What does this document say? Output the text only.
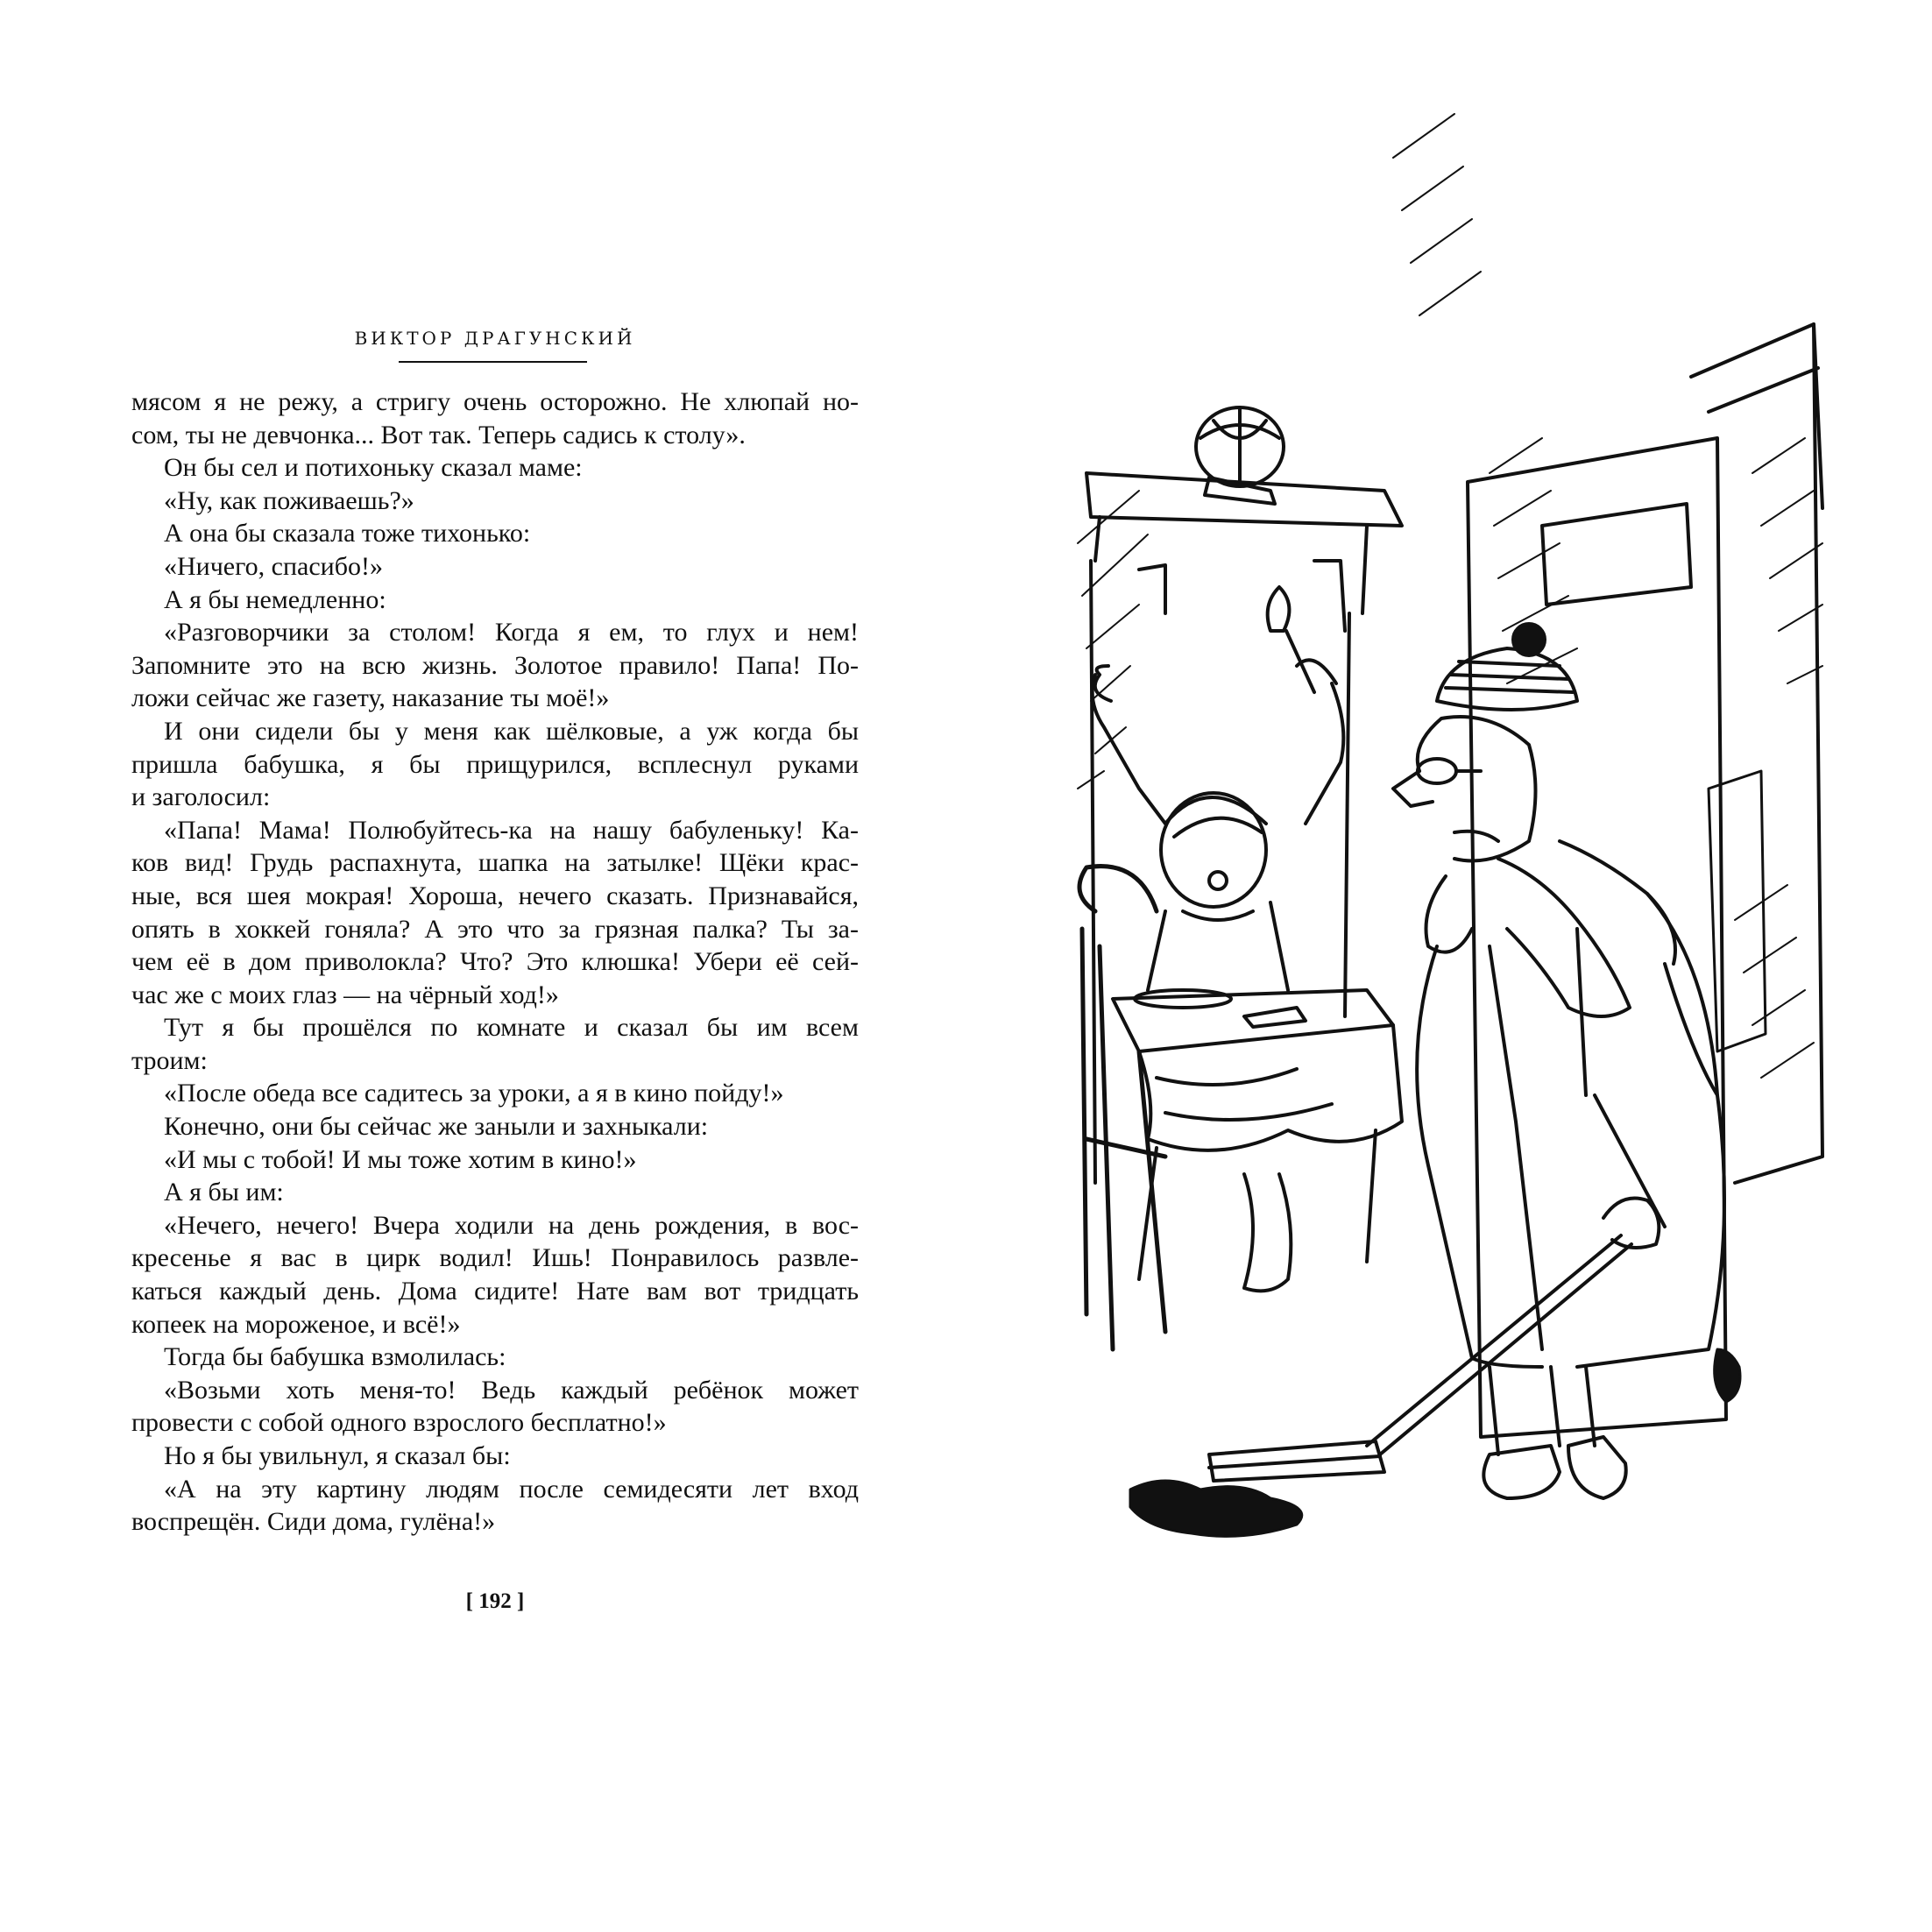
ВИКТОР ДРАГУНСКИЙ
мясом я не режу, а стригу очень осторожно. Не хлюпай но-
сом, ты не девчонка... Вот так. Теперь садись к столу».
Он бы сел и потихоньку сказал маме:
«Ну, как поживаешь?»
А она бы сказала тоже тихонько:
«Ничего, спасибо!»
А я бы немедленно:
«Разговорчики за столом! Когда я ем, то глух и нем!
Запомните это на всю жизнь. Золотое правило! Папа! По-
ложи сейчас же газету, наказание ты моё!»
И они сидели бы у меня как шёлковые, а уж когда бы
пришла бабушка, я бы прищурился, всплеснул руками
и заголосил:
«Папа! Мама! Полюбуйтесь-ка на нашу бабуленьку! Ка-
ков вид! Грудь распахнута, шапка на затылке! Щёки крас-
ные, вся шея мокрая! Хороша, нечего сказать. Признавайся,
опять в хоккей гоняла? А это что за грязная палка? Ты за-
чем её в дом приволокла? Что? Это клюшка! Убери её сей-
час же с моих глаз — на чёрный ход!»
Тут я бы прошёлся по комнате и сказал бы им всем
троим:
«После обеда все садитесь за уроки, а я в кино пойду!»
Конечно, они бы сейчас же заныли и захныкали:
«И мы с тобой! И мы тоже хотим в кино!»
А я бы им:
«Нечего, нечего! Вчера ходили на день рождения, в вос-
кресенье я вас в цирк водил! Ишь! Понравилось развле-
каться каждый день. Дома сидите! Нате вам вот тридцать
копеек на мороженое, и всё!»
Тогда бы бабушка взмолилась:
«Возьми хоть меня-то! Ведь каждый ребёнок может
провести с собой одного взрослого бесплатно!»
Но я бы увильнул, я сказал бы:
«А на эту картину людям после семидесяти лет вход
воспрещён. Сиди дома, гулёна!»
[ 192 ]
